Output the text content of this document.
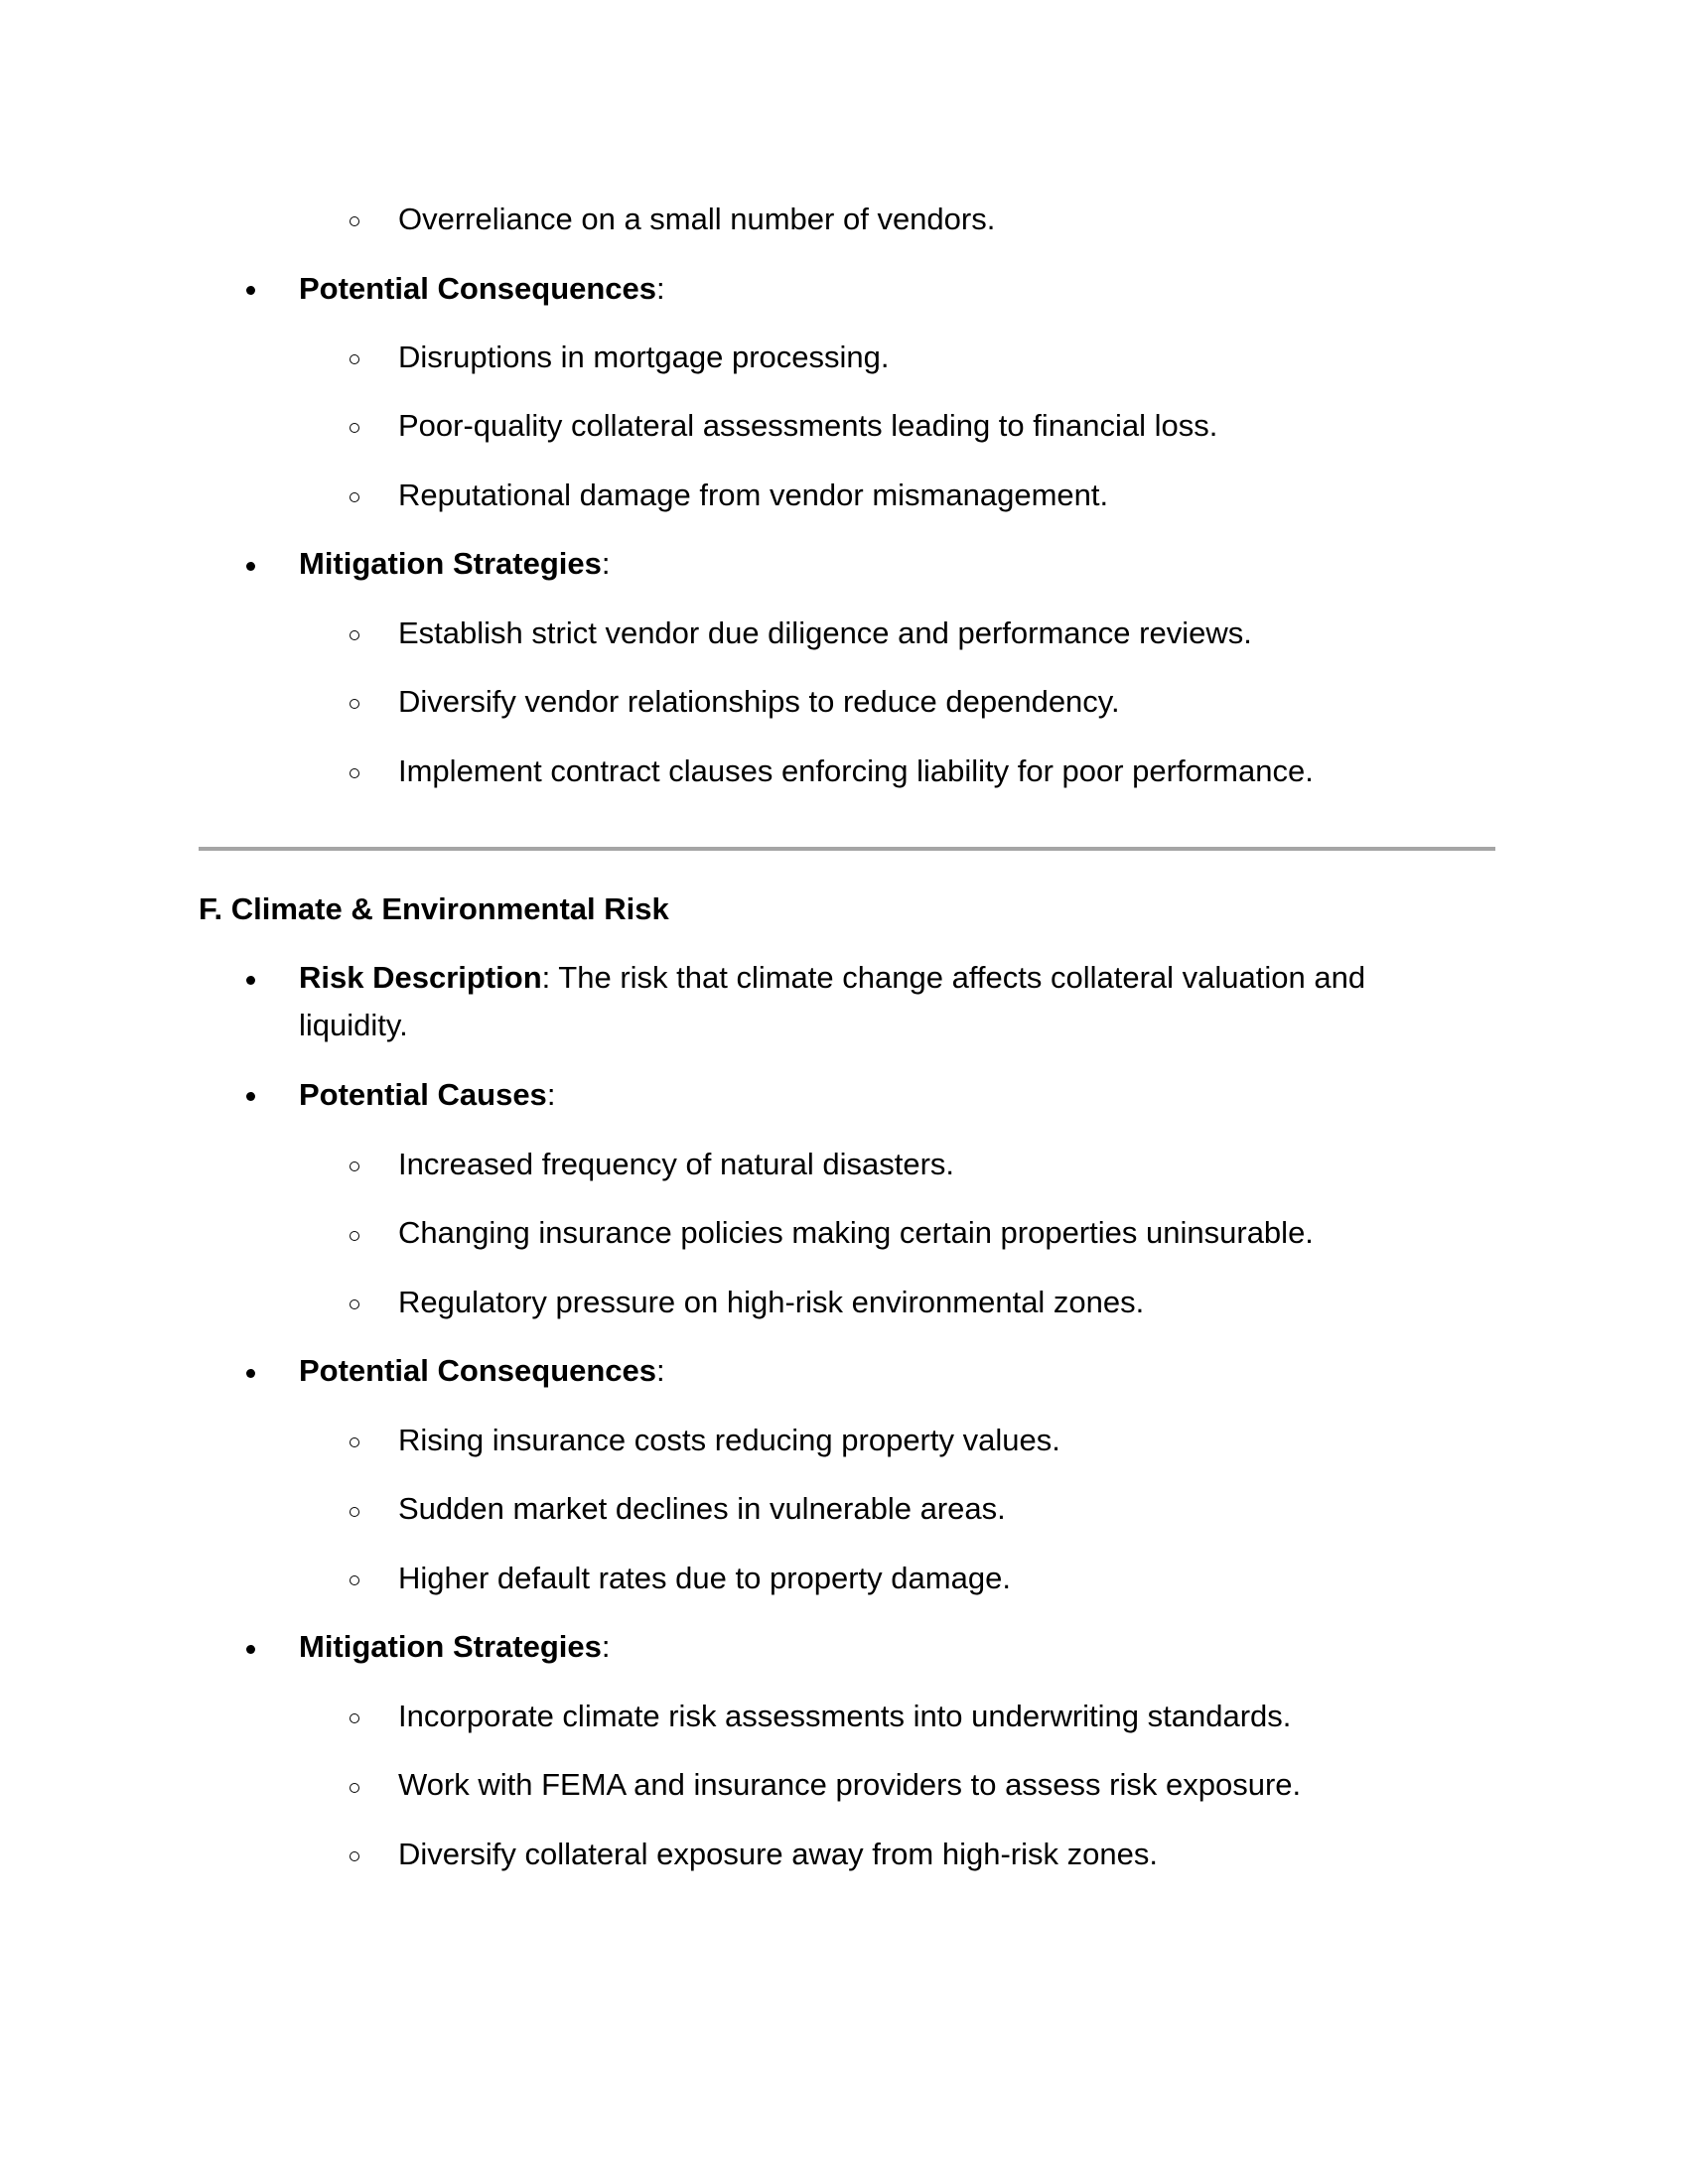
Overreliance on a small number of vendors.
Potential Consequences:
Disruptions in mortgage processing.
Poor-quality collateral assessments leading to financial loss.
Reputational damage from vendor mismanagement.
Mitigation Strategies:
Establish strict vendor due diligence and performance reviews.
Diversify vendor relationships to reduce dependency.
Implement contract clauses enforcing liability for poor performance.
F. Climate & Environmental Risk
Risk Description: The risk that climate change affects collateral valuation and
liquidity.
Potential Causes:
Increased frequency of natural disasters.
Changing insurance policies making certain properties uninsurable.
Regulatory pressure on high-risk environmental zones.
Potential Consequences:
Rising insurance costs reducing property values.
Sudden market declines in vulnerable areas.
Higher default rates due to property damage.
Mitigation Strategies:
Incorporate climate risk assessments into underwriting standards.
Work with FEMA and insurance providers to assess risk exposure.
Diversify collateral exposure away from high-risk zones.
